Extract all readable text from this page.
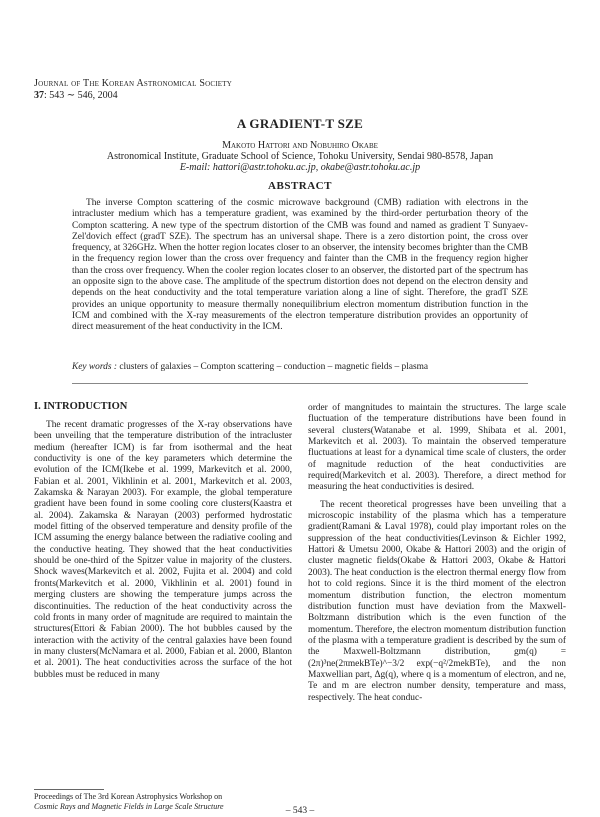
Journal of The Korean Astronomical Society
37: 543 ∼ 546, 2004
A GRADIENT-T SZE
Makoto Hattori and Nobuhiro Okabe
Astronomical Institute, Graduate School of Science, Tohoku University, Sendai 980-8578, Japan
E-mail: hattori@astr.tohoku.ac.jp, okabe@astr.tohoku.ac.jp
ABSTRACT

The inverse Compton scattering of the cosmic microwave background (CMB) radiation with electrons in the intracluster medium which has a temperature gradient, was examined by the third-order perturbation theory of the Compton scattering. A new type of the spectrum distortion of the CMB was found and named as gradient T Sunyaev-Zel'dovich effect (gradT SZE). The spectrum has an universal shape. There is a zero distortion point, the cross over frequency, at 326GHz. When the hotter region locates closer to an observer, the intensity becomes brighter than the CMB in the frequency region lower than the cross over frequency and fainter than the CMB in the frequency region higher than the cross over frequency. When the cooler region locates closer to an observer, the distorted part of the spectrum has an opposite sign to the above case. The amplitude of the spectrum distortion does not depend on the electron density and depends on the heat conductivity and the total temperature variation along a line of sight. Therefore, the gradT SZE provides an unique opportunity to measure thermally nonequilibrium electron momentum distribution function in the ICM and combined with the X-ray measurements of the electron temperature distribution provides an opportunity of direct measurement of the heat conductivity in the ICM.

Key words : clusters of galaxies – Compton scattering – conduction – magnetic fields – plasma
I. INTRODUCTION

The recent dramatic progresses of the X-ray observations have been unveiling that the temperature distribution of the intracluster medium (hereafter ICM) is far from isothermal and the heat conductivity is one of the key parameters which determine the evolution of the ICM(Ikebe et al. 1999, Markevitch et al. 2000, Fabian et al. 2001, Vikhlinin et al. 2001, Markevitch et al. 2003, Zakamska & Narayan 2003). For example, the global temperature gradient have been found in some cooling core clusters(Kaastra et al. 2004). Zakamska & Narayan (2003) performed hydrostatic model fitting of the observed temperature and density profile of the ICM assuming the energy balance between the radiative cooling and the conductive heating. They showed that the heat conductivities should be one-third of the Spitzer value in majority of the clusters. Shock waves(Markevitch et al. 2002, Fujita et al. 2004) and cold fronts(Markevitch et al. 2000, Vikhlinin et al. 2001) found in merging clusters are showing the temperature jumps across the discontinuities. The reduction of the heat conductivity across the cold fronts in many order of magnitude are required to maintain the structures(Ettori & Fabian 2000). The hot bubbles caused by the interaction with the activity of the central galaxies have been found in many clusters(McNamara et al. 2000, Fabian et al. 2000, Blanton et al. 2001). The heat conductivities across the surface of the hot bubbles must be reduced in many

order of mangnitudes to maintain the structures. The large scale fluctuation of the temperature distributions have been found in several clusters(Watanabe et al. 1999, Shibata et al. 2001, Markevitch et al. 2003). To maintain the observed temperature fluctuations at least for a dynamical time scale of clusters, the order of magnitude reduction of the heat conductivities are required(Markevitch et al. 2003). Therefore, a direct method for measuring the heat conductivities is desired.

The recent theoretical progresses have been unveiling that a microscopic instability of the plasma which has a temperature gradient(Ramani & Laval 1978), could play important roles on the suppression of the heat conductivities(Levinson & Eichler 1992, Hattori & Umetsu 2000, Okabe & Hattori 2003) and the origin of cluster magnetic fields(Okabe & Hattori 2003, Okabe & Hattori 2003). The heat conduction is the electron thermal energy flow from hot to cold regions. Since it is the third moment of the electron momentum distribution function, the electron momentum distribution function must have deviation from the Maxwell-Boltzmann distribution which is the even function of the momentum. Therefore, the electron momentum distribution function of the plasma with a temperature gradient is described by the sum of the Maxwell-Boltzmann distribution, gm(q) = (2π)³ne(2πmekBTe)^−3/2 exp(−q²/2mekBTe), and the non Maxwellian part, Δg(q), where q is a momentum of electron, and ne, Te and m are electron number density, temperature and mass, respectively. The heat conduc-

Proceedings of The 3rd Korean Astrophysics Workshop on
Cosmic Rays and Magnetic Fields in Large Scale Structure	– 543 –
